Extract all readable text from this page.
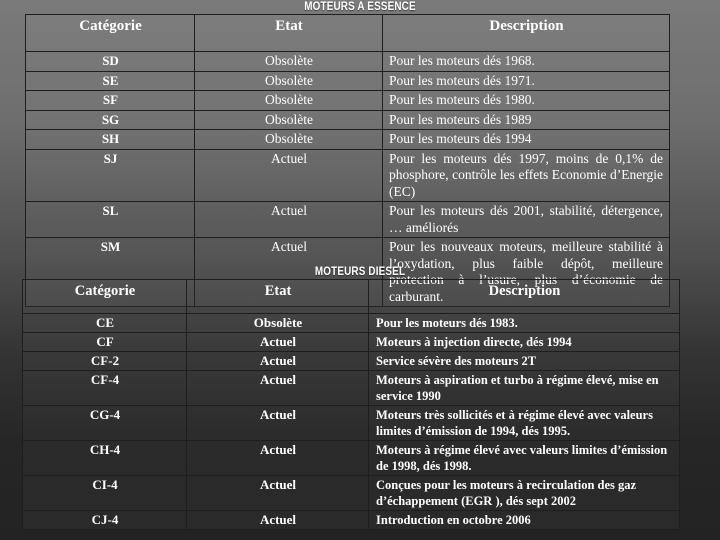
MOTEURS A ESSENCE
Catégorie	Etat	Description
SD	Obsolète	Pour les moteurs dés 1968.
SE	Obsolète	Pour les moteurs dés 1971.
SF	Obsolète	Pour les moteurs dés 1980.
SG	Obsolète	Pour les moteurs dés 1989
SH	Obsolète	Pour les moteurs dés 1994
SJ	Actuel	Pour les moteurs dés 1997, moins de 0,1% de phosphore, contrôle les effets Economie d’Energie (EC)
SL	Actuel	Pour les moteurs dés 2001, stabilité, détergence, … améliorés
SM	Actuel	Pour les nouveaux moteurs, meilleure stabilité à l’oxydation, plus faible dépôt, meilleure protection à l’usure, plus d’économie de carburant.
MOTEURS DIESEL
Catégorie	Etat	Description
CE	Obsolète	Pour les moteurs dés 1983.
CF	Actuel	Moteurs à injection directe, dés 1994
CF-2	Actuel	Service sévère des moteurs 2T
CF-4	Actuel	Moteurs à aspiration et turbo à régime élevé, mise en service 1990
CG-4	Actuel	Moteurs très sollicités et à régime élevé avec valeurs limites d’émission de 1994, dés 1995.
CH-4	Actuel	Moteurs à régime élevé avec valeurs limites d’émission de 1998, dés 1998.
CI-4	Actuel	Conçues pour les moteurs à recirculation des gaz d’échappement (EGR ), dés sept 2002
CJ-4	Actuel	Introduction en octobre 2006
